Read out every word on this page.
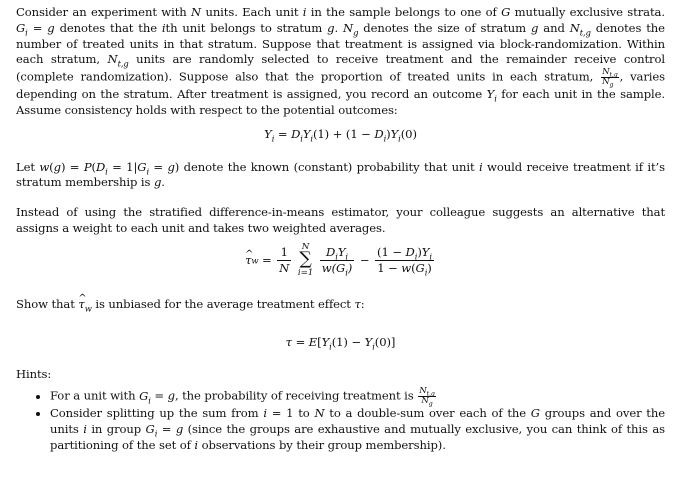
Consider an experiment with N units. Each unit i in the sample belongs to one of G mutually exclusive strata. $G_i = g$ denotes that the ith unit belongs to stratum g. $N_g$ denotes the size of stratum g and $N_{t,g}$ denotes the number of treated units in that stratum. Suppose that treatment is assigned via block-randomization. Within each stratum, $N_{t,g}$ units are randomly selected to receive treatment and the remainder receive control (complete randomization). Suppose also that the proportion of treated units in each stratum, $\frac{N_{t,g}}{N_g}$ , varies depending on the stratum. After treatment is assigned, you record an outcome $Y_i$ for each unit in the sample. Assume consistency holds with respect to the potential outcomes:

$Y_i = D_iY_i(1) + (1 - D_i)Y_i(0)$

Let $w(g) = P(D_i = 1|G_i = g)$ denote the known (constant) probability that unit i would receive treatment if it’s stratum membership is g.

Instead of using the stratified difference-in-means estimator, your colleague suggests an alternative that assigns a weight to each unit and takes two weighted averages.

^ $\tau w = \frac{1}{N}$
	N
∑
i=1

$D_iY_i$
$w(G_i)$
− $\frac{(1 - D_i)Y_i}{1 - w(G_i)}$

Show that ^ $\tau_w$ is unbiased for the average treatment effect τ:

$\tau = E[Y_i(1) - Y_i(0)]$

Hints:

• For a unit with $G_i = g$, the probability of receiving treatment is $\frac{N_{t,g}}{N_g}$
• Consider splitting up the sum from i = 1 to N to a double-sum over each of the G groups and over the units i in group $G_i = g$ (since the groups are exhaustive and mutually exclusive, you can think of this as partitioning of the set of i observations by their group membership).
